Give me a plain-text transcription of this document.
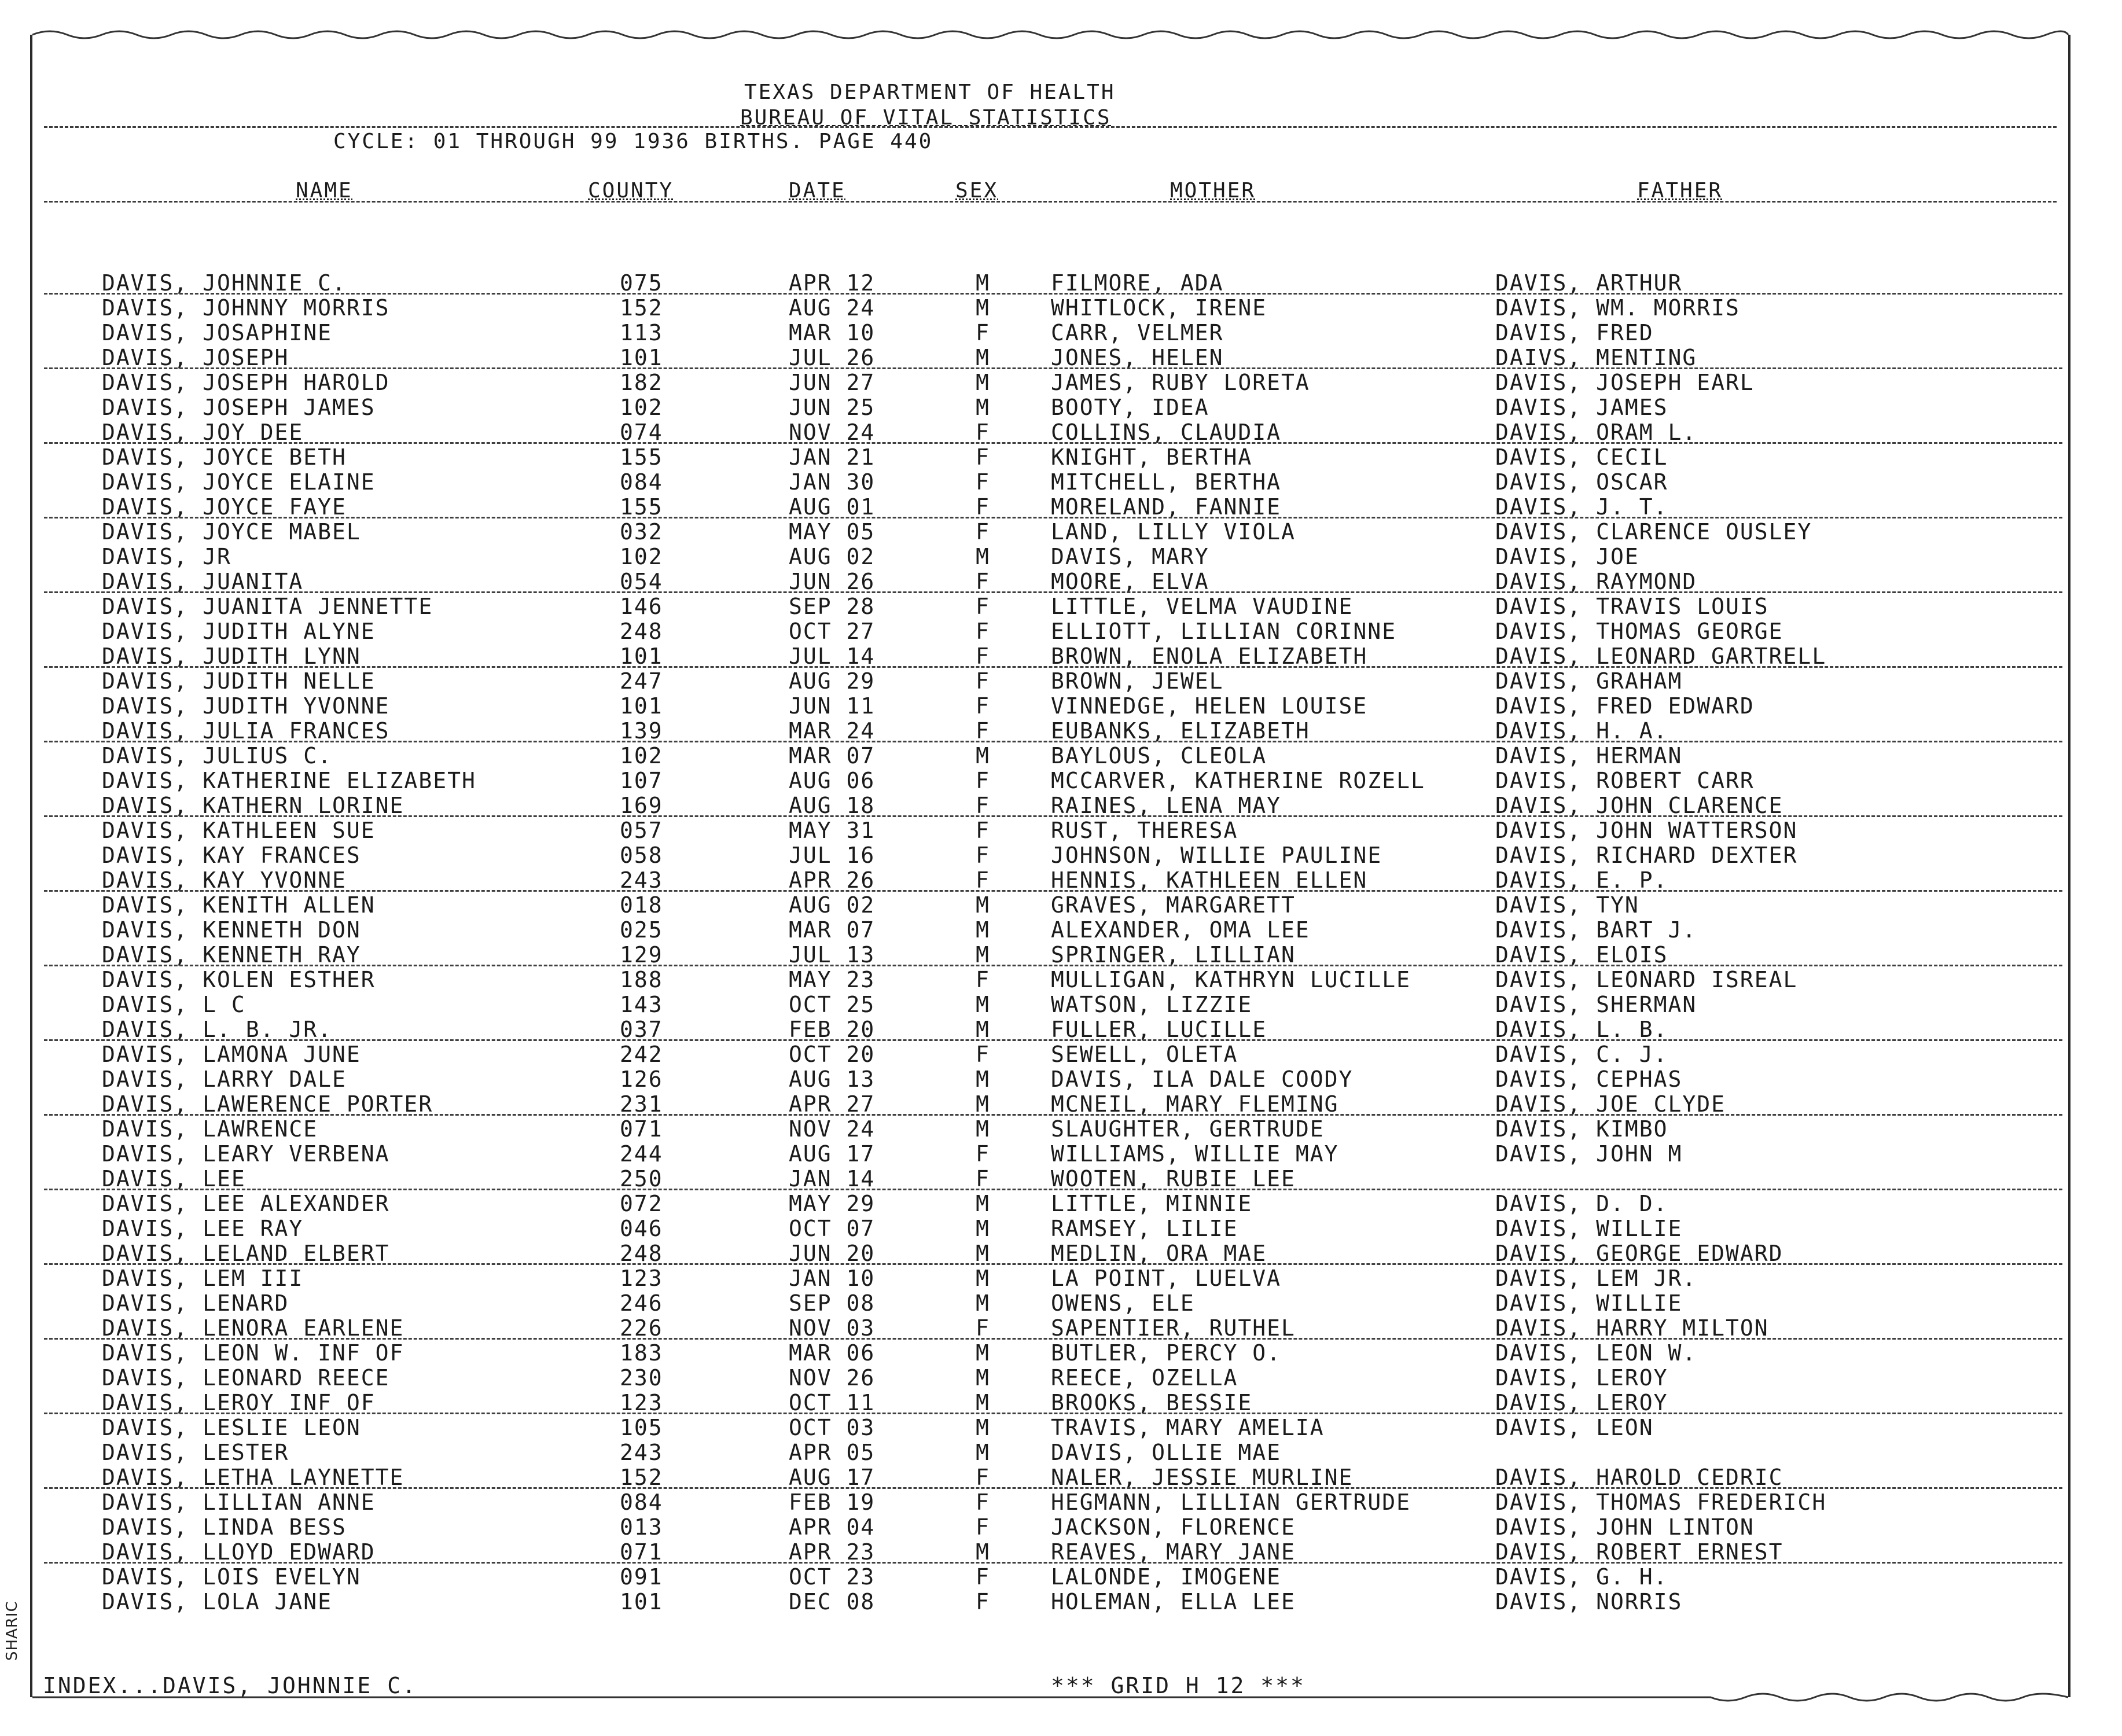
TEXAS DEPARTMENT OF HEALTH
BUREAU OF VITAL STATISTICS
CYCLE: 01 THROUGH 99 1936 BIRTHS. PAGE 440
NAME	COUNTY	DATE	SEX	MOTHER	FATHER
DAVIS, JOHNNIE C.	075	APR 12	M	FILMORE, ADA	DAVIS, ARTHUR
DAVIS, JOHNNY MORRIS	152	AUG 24	M	WHITLOCK, IRENE	DAVIS, WM. MORRIS
DAVIS, JOSAPHINE	113	MAR 10	F	CARR, VELMER	DAVIS, FRED
DAVIS, JOSEPH	101	JUL 26	M	JONES, HELEN	DAIVS, MENTING
DAVIS, JOSEPH HAROLD	182	JUN 27	M	JAMES, RUBY LORETA	DAVIS, JOSEPH EARL
DAVIS, JOSEPH JAMES	102	JUN 25	M	BOOTY, IDEA	DAVIS, JAMES
DAVIS, JOY DEE	074	NOV 24	F	COLLINS, CLAUDIA	DAVIS, ORAM L.
DAVIS, JOYCE BETH	155	JAN 21	F	KNIGHT, BERTHA	DAVIS, CECIL
DAVIS, JOYCE ELAINE	084	JAN 30	F	MITCHELL, BERTHA	DAVIS, OSCAR
DAVIS, JOYCE FAYE	155	AUG 01	F	MORELAND, FANNIE	DAVIS, J. T.
DAVIS, JOYCE MABEL	032	MAY 05	F	LAND, LILLY VIOLA	DAVIS, CLARENCE OUSLEY
DAVIS, JR	102	AUG 02	M	DAVIS, MARY	DAVIS, JOE
DAVIS, JUANITA	054	JUN 26	F	MOORE, ELVA	DAVIS, RAYMOND
DAVIS, JUANITA JENNETTE	146	SEP 28	F	LITTLE, VELMA VAUDINE	DAVIS, TRAVIS LOUIS
DAVIS, JUDITH ALYNE	248	OCT 27	F	ELLIOTT, LILLIAN CORINNE	DAVIS, THOMAS GEORGE
DAVIS, JUDITH LYNN	101	JUL 14	F	BROWN, ENOLA ELIZABETH	DAVIS, LEONARD GARTRELL
DAVIS, JUDITH NELLE	247	AUG 29	F	BROWN, JEWEL	DAVIS, GRAHAM
DAVIS, JUDITH YVONNE	101	JUN 11	F	VINNEDGE, HELEN LOUISE	DAVIS, FRED EDWARD
DAVIS, JULIA FRANCES	139	MAR 24	F	EUBANKS, ELIZABETH	DAVIS, H. A.
DAVIS, JULIUS C.	102	MAR 07	M	BAYLOUS, CLEOLA	DAVIS, HERMAN
DAVIS, KATHERINE ELIZABETH	107	AUG 06	F	MCCARVER, KATHERINE ROZELL	DAVIS, ROBERT CARR
DAVIS, KATHERN LORINE	169	AUG 18	F	RAINES, LENA MAY	DAVIS, JOHN CLARENCE
DAVIS, KATHLEEN SUE	057	MAY 31	F	RUST, THERESA	DAVIS, JOHN WATTERSON
DAVIS, KAY FRANCES	058	JUL 16	F	JOHNSON, WILLIE PAULINE	DAVIS, RICHARD DEXTER
DAVIS, KAY YVONNE	243	APR 26	F	HENNIS, KATHLEEN ELLEN	DAVIS, E. P.
DAVIS, KENITH ALLEN	018	AUG 02	M	GRAVES, MARGARETT	DAVIS, TYN
DAVIS, KENNETH DON	025	MAR 07	M	ALEXANDER, OMA LEE	DAVIS, BART J.
DAVIS, KENNETH RAY	129	JUL 13	M	SPRINGER, LILLIAN	DAVIS, ELOIS
DAVIS, KOLEN ESTHER	188	MAY 23	F	MULLIGAN, KATHRYN LUCILLE	DAVIS, LEONARD ISREAL
DAVIS, L C	143	OCT 25	M	WATSON, LIZZIE	DAVIS, SHERMAN
DAVIS, L. B. JR.	037	FEB 20	M	FULLER, LUCILLE	DAVIS, L. B.
DAVIS, LAMONA JUNE	242	OCT 20	F	SEWELL, OLETA	DAVIS, C. J.
DAVIS, LARRY DALE	126	AUG 13	M	DAVIS, ILA DALE COODY	DAVIS, CEPHAS
DAVIS, LAWERENCE PORTER	231	APR 27	M	MCNEIL, MARY FLEMING	DAVIS, JOE CLYDE
DAVIS, LAWRENCE	071	NOV 24	M	SLAUGHTER, GERTRUDE	DAVIS, KIMBO
DAVIS, LEARY VERBENA	244	AUG 17	F	WILLIAMS, WILLIE MAY	DAVIS, JOHN M
DAVIS, LEE	250	JAN 14	F	WOOTEN, RUBIE LEE
DAVIS, LEE ALEXANDER	072	MAY 29	M	LITTLE, MINNIE	DAVIS, D. D.
DAVIS, LEE RAY	046	OCT 07	M	RAMSEY, LILIE	DAVIS, WILLIE
DAVIS, LELAND ELBERT	248	JUN 20	M	MEDLIN, ORA MAE	DAVIS, GEORGE EDWARD
DAVIS, LEM III	123	JAN 10	M	LA POINT, LUELVA	DAVIS, LEM JR.
DAVIS, LENARD	246	SEP 08	M	OWENS, ELE	DAVIS, WILLIE
DAVIS, LENORA EARLENE	226	NOV 03	F	SAPENTIER, RUTHEL	DAVIS, HARRY MILTON
DAVIS, LEON W. INF OF	183	MAR 06	M	BUTLER, PERCY O.	DAVIS, LEON W.
DAVIS, LEONARD REECE	230	NOV 26	M	REECE, OZELLA	DAVIS, LEROY
DAVIS, LEROY INF OF	123	OCT 11	M	BROOKS, BESSIE	DAVIS, LEROY
DAVIS, LESLIE LEON	105	OCT 03	M	TRAVIS, MARY AMELIA	DAVIS, LEON
DAVIS, LESTER	243	APR 05	M	DAVIS, OLLIE MAE
DAVIS, LETHA LAYNETTE	152	AUG 17	F	NALER, JESSIE MURLINE	DAVIS, HAROLD CEDRIC
DAVIS, LILLIAN ANNE	084	FEB 19	F	HEGMANN, LILLIAN GERTRUDE	DAVIS, THOMAS FREDERICH
DAVIS, LINDA BESS	013	APR 04	F	JACKSON, FLORENCE	DAVIS, JOHN LINTON
DAVIS, LLOYD EDWARD	071	APR 23	M	REAVES, MARY JANE	DAVIS, ROBERT ERNEST
DAVIS, LOIS EVELYN	091	OCT 23	F	LALONDE, IMOGENE	DAVIS, G. H.
DAVIS, LOLA JANE	101	DEC 08	F	HOLEMAN, ELLA LEE	DAVIS, NORRIS
INDEX...DAVIS, JOHNNIE C.	*** GRID H 12 ***
SHARIC
